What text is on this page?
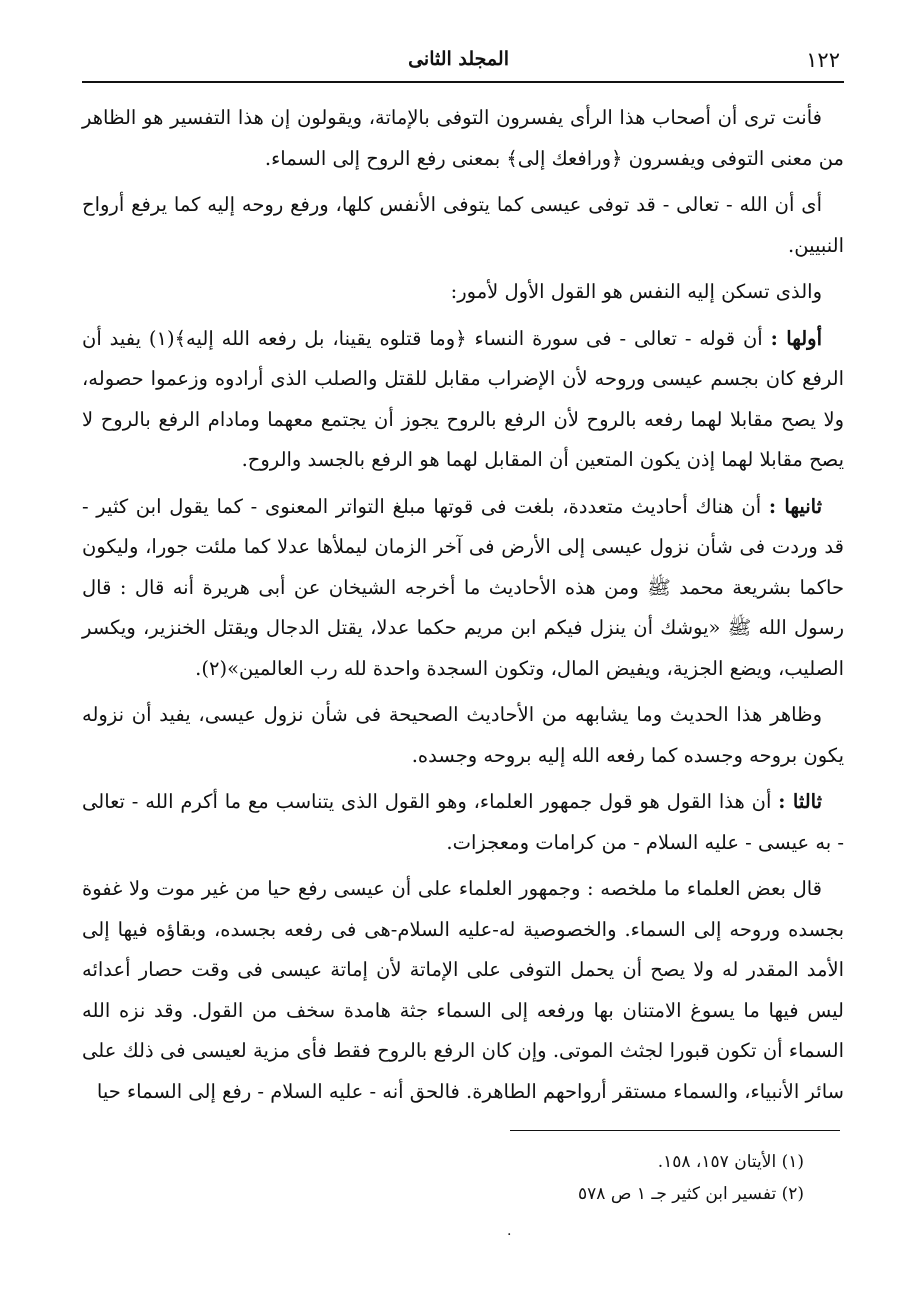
١٢٢
المجلد الثانى

فأنت ترى أن أصحاب هذا الرأى يفسرون التوفى بالإماتة، ويقولون إن هذا التفسير هو الظاهر من معنى التوفى ويفسرون ﴿ورافعك إلى﴾ بمعنى رفع الروح إلى السماء.

أى أن الله - تعالى - قد توفى عيسى كما يتوفى الأنفس كلها، ورفع روحه إليه كما يرفع أرواح النبيين.

والذى تسكن إليه النفس هو القول الأول لأمور:

أولها : أن قوله - تعالى - فى سورة النساء ﴿وما قتلوه يقينا، بل رفعه الله إليه﴾(١) يفيد أن الرفع كان بجسم عيسى وروحه لأن الإضراب مقابل للقتل والصلب الذى أرادوه وزعموا حصوله، ولا يصح مقابلا لهما رفعه بالروح لأن الرفع بالروح يجوز أن يجتمع معهما ومادام الرفع بالروح لا يصح مقابلا لهما إذن يكون المتعين أن المقابل لهما هو الرفع بالجسد والروح.

ثانيها : أن هناك أحاديث متعددة، بلغت فى قوتها مبلغ التواتر المعنوى - كما يقول ابن كثير - قد وردت فى شأن نزول عيسى إلى الأرض فى آخر الزمان ليملأها عدلا كما ملئت جورا، وليكون حاكما بشريعة محمد ﷺ ومن هذه الأحاديث ما أخرجه الشيخان عن أبى هريرة أنه قال : قال رسول الله ﷺ «يوشك أن ينزل فيكم ابن مريم حكما عدلا، يقتل الدجال ويقتل الخنزير، ويكسر الصليب، ويضع الجزية، ويفيض المال، وتكون السجدة واحدة لله رب العالمين»(٢).

وظاهر هذا الحديث وما يشابهه من الأحاديث الصحيحة فى شأن نزول عيسى، يفيد أن نزوله يكون بروحه وجسده كما رفعه الله إليه بروحه وجسده.

ثالثا : أن هذا القول هو قول جمهور العلماء، وهو القول الذى يتناسب مع ما أكرم الله - تعالى - به عيسى - عليه السلام - من كرامات ومعجزات.

قال بعض العلماء ما ملخصه : وجمهور العلماء على أن عيسى رفع حيا من غير موت ولا غفوة بجسده وروحه إلى السماء. والخصوصية له-عليه السلام-هى فى رفعه بجسده، وبقاؤه فيها إلى الأمد المقدر له ولا يصح أن يحمل التوفى على الإماتة لأن إماتة عيسى فى وقت حصار أعدائه ليس فيها ما يسوغ الامتنان بها ورفعه إلى السماء جثة هامدة سخف من القول. وقد نزه الله السماء أن تكون قبورا لجثث الموتى. وإن كان الرفع بالروح فقط فأى مزية لعيسى فى ذلك على سائر الأنبياء، والسماء مستقر أرواحهم الطاهرة. فالحق أنه - عليه السلام - رفع إلى السماء حيا

(١) الأيتان ١٥٧، ١٥٨.

(٢) تفسير ابن كثير جـ ١ ص ٥٧٨

.
